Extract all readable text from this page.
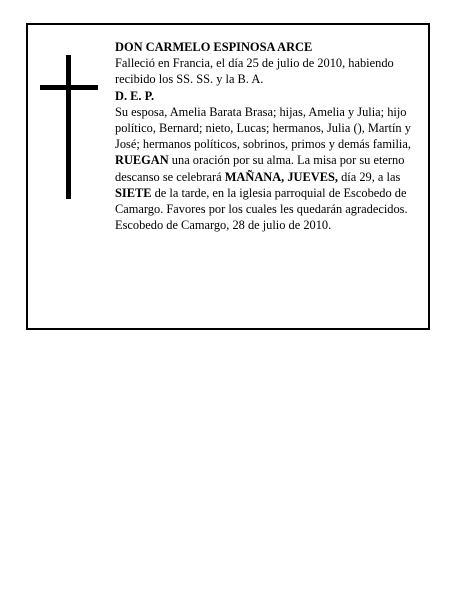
DON CARMELO ESPINOSA ARCE

Falleció en Francia, el día 25 de julio de 2010, habiendo recibido los SS. SS. y la B. A.

D. E. P.

Su esposa, Amelia Barata Brasa; hijas, Amelia y Julia; hijo político, Bernard; nieto, Lucas; hermanos, Julia (), Martín y José; hermanos políticos, sobrinos, primos y demás familia,

RUEGAN una oración por su alma. La misa por su eterno descanso se celebrará MAÑANA, JUEVES, día 29, a las SIETE de la tarde, en la iglesia parroquial de Escobedo de Camargo. Favores por los cuales les quedarán agradecidos.

Escobedo de Camargo, 28 de julio de 2010.
